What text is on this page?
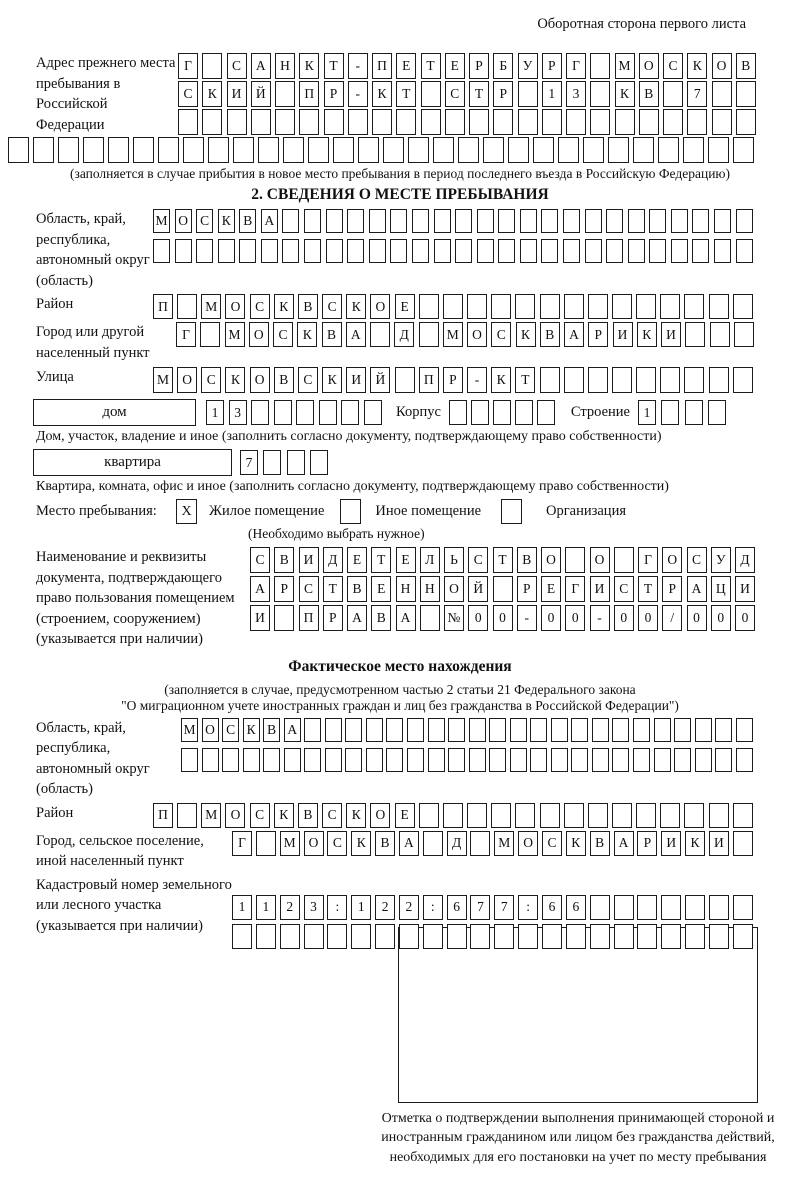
Оборотная сторона первого листа
Адрес прежнего места пребывания в Российской Федерации
Г	С	А	Н	К	Т	-	П	Е	Т	Е	Р	Б	У	Р	Г	М О	С	К	О	В
С	К	И	Й	П	Р	-	К	Т	С	Т	Р	1	3	К	В	7
(заполняется в случае прибытия в новое место пребывания в период последнего въезда в Российскую Федерацию)
2. СВЕДЕНИЯ О МЕСТЕ ПРЕБЫВАНИЯ
Область, край, республика, автономный округ (область)
М О С К В А
Район	П	М О	С	К	В	С	К	О	Е
Город или другой населенный пункт
Г	М О	С	К	В	А	Д	М О	С	К	В	А	Р	И	К	И
Улица	М О	С	К	О	В	С	К	И	Й	П	Р	-	К	Т
дом	1	3	Корпус	Строение	1
Дом, участок, владение и иное (заполнить согласно документу, подтверждающему право собственности)
квартира	7
Квартира, комната, офис и иное (заполнить согласно документу, подтверждающему право собственности)
Место пребывания:	X	Жилое помещение	Иное помещение	Организация
(Необходимо выбрать нужное)
Наименование и реквизиты документа, подтверждающего право пользования помещением (строением, сооружением) (указывается при наличии)
С	В	И	Д	Е	Т	Е	Л	Ь	С	Т	В	О	О	Г	О	С	У	Д
А	Р	С	Т	В	Е	Н	Н	О	Й	Р	Е	Г	И	С	Т	Р	А	Ц	И
И	П	Р	А	В	А	№	0	0	-	0	0	-	0	0	/	0	0	0
Фактическое место нахождения
(заполняется в случае, предусмотренном частью 2 статьи 21 Федерального закона
"О миграционном учете иностранных граждан и лиц без гражданства в Российской Федерации")
Область, край, республика, автономный округ (область)
М О С К В А
Район	П	М О	С	К	В	С	К	О	Е
Город, сельское поселение, иной населенный пункт
Г	М О	С	К	В	А	Д	М О	С	К	В	А	Р	И	К	И
Кадастровый номер земельного или лесного участка (указывается при наличии)
1	1	2	3	:	1	2	2	:	6	7	7	:	6	6
Отметка о подтверждении выполнения принимающей стороной и иностранным гражданином или лицом без гражданства действий, необходимых для его постановки на учет по месту пребывания
